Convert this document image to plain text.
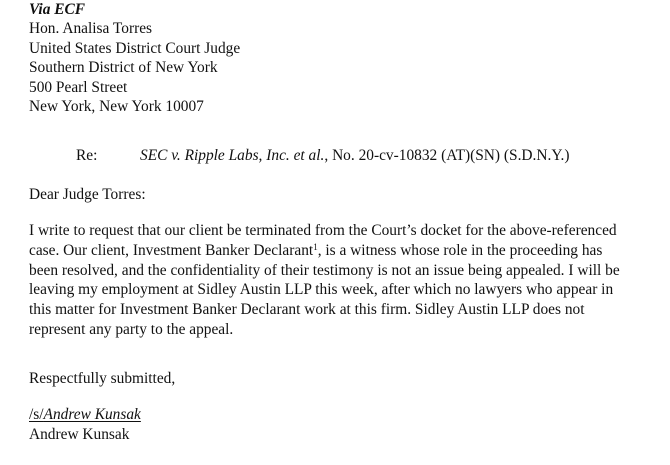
Via ECF
Hon. Analisa Torres
United States District Court Judge
Southern District of New York
500 Pearl Street
New York, New York 10007
Re:	SEC v. Ripple Labs, Inc. et al., No. 20-cv-10832 (AT)(SN) (S.D.N.Y.)
Dear Judge Torres:
I write to request that our client be terminated from the Court’s docket for the above-referenced
case. Our client, Investment Banker Declarant$^1$, is a witness whose role in the proceeding has
been resolved, and the confidentiality of their testimony is not an issue being appealed. I will be
leaving my employment at Sidley Austin LLP this week, after which no lawyers who appear in
this matter for Investment Banker Declarant work at this firm. Sidley Austin LLP does not
represent any party to the appeal.
Respectfully submitted,
/s/Andrew Kunsak
Andrew Kunsak
